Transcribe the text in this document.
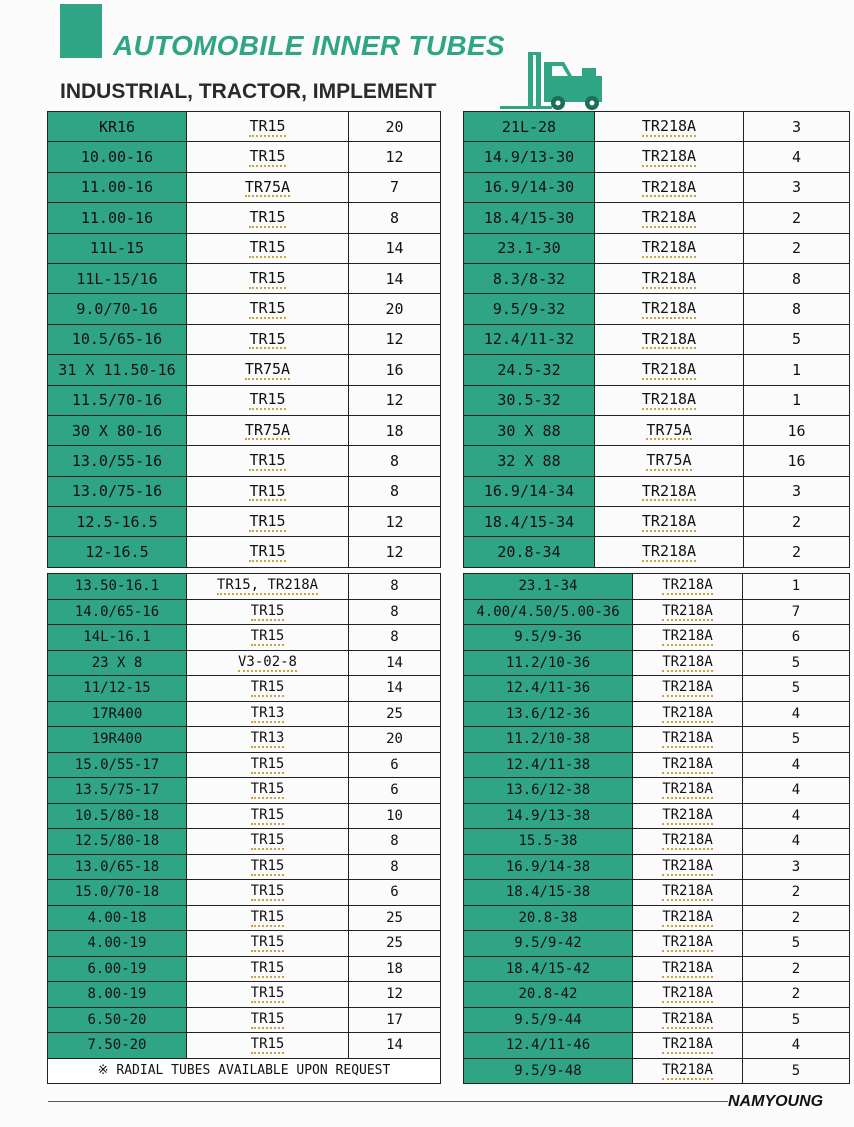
AUTOMOBILE INNER TUBES
INDUSTRIAL, TRACTOR, IMPLEMENT
KR16	TR15	20
10.00-16	TR15	12
11.00-16	TR75A	7
11.00-16	TR15	8
11L-15	TR15	14
11L-15/16	TR15	14
9.0/70-16	TR15	20
10.5/65-16	TR15	12
31 X 11.50-16	TR75A	16
11.5/70-16	TR15	12
30 X 80-16	TR75A	18
13.0/55-16	TR15	8
13.0/75-16	TR15	8
12.5-16.5	TR15	12
12-16.5	TR15	12
21L-28	TR218A	3
14.9/13-30	TR218A	4
16.9/14-30	TR218A	3
18.4/15-30	TR218A	2
23.1-30	TR218A	2
8.3/8-32	TR218A	8
9.5/9-32	TR218A	8
12.4/11-32	TR218A	5
24.5-32	TR218A	1
30.5-32	TR218A	1
30 X 88	TR75A	16
32 X 88	TR75A	16
16.9/14-34	TR218A	3
18.4/15-34	TR218A	2
20.8-34	TR218A	2
13.50-16.1	TR15, TR218A	8
14.0/65-16	TR15	8
14L-16.1	TR15	8
23 X 8	V3-02-8	14
11/12-15	TR15	14
17R400	TR13	25
19R400	TR13	20
15.0/55-17	TR15	6
13.5/75-17	TR15	6
10.5/80-18	TR15	10
12.5/80-18	TR15	8
13.0/65-18	TR15	8
15.0/70-18	TR15	6
4.00-18	TR15	25
4.00-19	TR15	25
6.00-19	TR15	18
8.00-19	TR15	12
6.50-20	TR15	17
7.50-20	TR15	14
※ RADIAL TUBES AVAILABLE UPON REQUEST		
23.1-34	TR218A	1
4.00/4.50/5.00-36	TR218A	7
9.5/9-36	TR218A	6
11.2/10-36	TR218A	5
12.4/11-36	TR218A	5
13.6/12-36	TR218A	4
11.2/10-38	TR218A	5
12.4/11-38	TR218A	4
13.6/12-38	TR218A	4
14.9/13-38	TR218A	4
15.5-38	TR218A	4
16.9/14-38	TR218A	3
18.4/15-38	TR218A	2
20.8-38	TR218A	2
9.5/9-42	TR218A	5
18.4/15-42	TR218A	2
20.8-42	TR218A	2
9.5/9-44	TR218A	5
12.4/11-46	TR218A	4
9.5/9-48	TR218A	5
NAMYOUNG
